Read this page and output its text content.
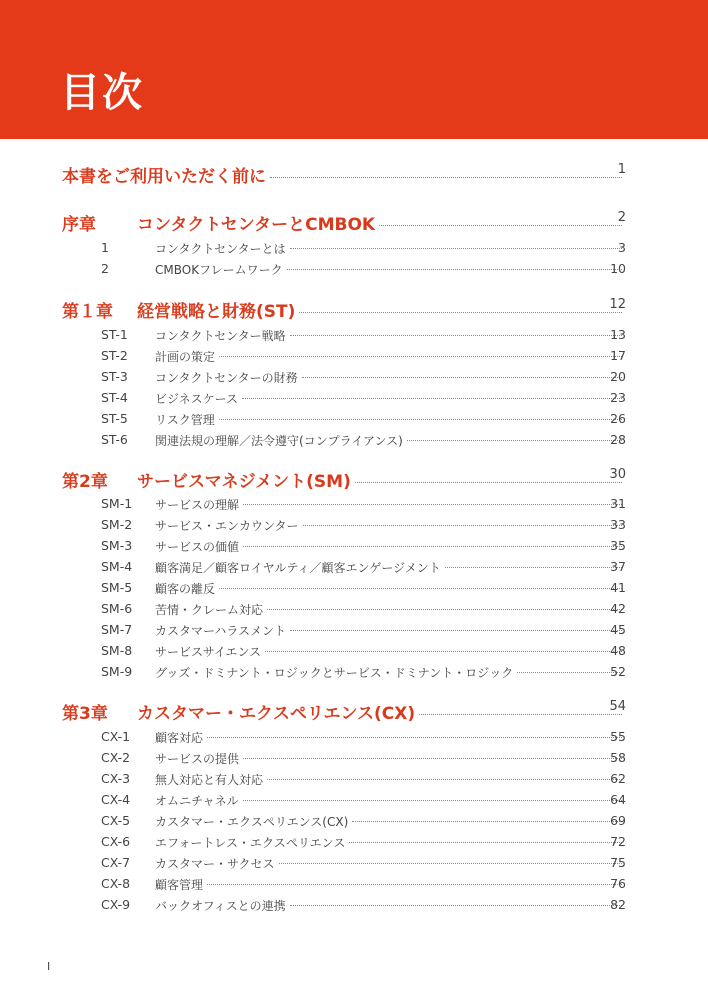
目次
本書をご利用いただく前に	1
序章 コンタクトセンターとCMBOK	2
1	コンタクトセンターとは	3
2	CMBOKフレームワーク	10
第１章 経営戦略と財務(ST)	12
ST-1 コンタクトセンター戦略	13
ST-2 計画の策定	17
ST-3 コンタクトセンターの財務	20
ST-4 ビジネスケース	23
ST-5 リスク管理	26
ST-6 関連法規の理解／法令遵守(コンプライアンス)	28
第2章 サービスマネジメント(SM)	30
SM-1 サービスの理解	31
SM-2 サービス・エンカウンター	33
SM-3 サービスの価値	35
SM-4 顧客満足／顧客ロイヤルティ／顧客エンゲージメント	37
SM-5 顧客の離反	41
SM-6 苦情・クレーム対応	42
SM-7 カスタマーハラスメント	45
SM-8 サービスサイエンス	48
SM-9 グッズ・ドミナント・ロジックとサービス・ドミナント・ロジック	52
第3章 カスタマー・エクスペリエンス(CX)	54
CX-1 顧客対応	55
CX-2 サービスの提供	58
CX-3 無人対応と有人対応	62
CX-4 オムニチャネル	64
CX-5 カスタマー・エクスペリエンス(CX)	69
CX-6 エフォートレス・エクスペリエンス	72
CX-7 カスタマー・サクセス	75
CX-8 顧客管理	76
CX-9 バックオフィスとの連携	82
I
